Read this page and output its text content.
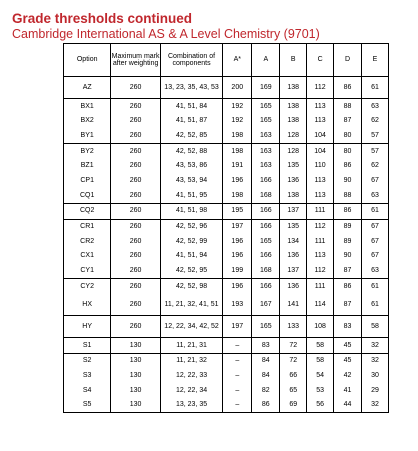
Grade thresholds continued
Cambridge International AS & A Level Chemistry (9701)
Option	Maximum mark after weighting	Combination of components	A*	A	B	C	D	E
AZ	260	13, 23, 35, 43, 53	200	169	138	112	86	61
BX1	260	41, 51, 84	192	165	138	113	88	63
BX2	260	41, 51, 87	192	165	138	113	87	62
BY1	260	42, 52, 85	198	163	128	104	80	57
BY2	260	42, 52, 88	198	163	128	104	80	57
BZ1	260	43, 53, 86	191	163	135	110	86	62
CP1	260	43, 53, 94	196	166	136	113	90	67
CQ1	260	41, 51, 95	198	168	138	113	88	63
CQ2	260	41, 51, 98	195	166	137	111	86	61
CR1	260	42, 52, 96	197	166	135	112	89	67
CR2	260	42, 52, 99	196	165	134	111	89	67
CX1	260	41, 51, 94	196	166	136	113	90	67
CY1	260	42, 52, 95	199	168	137	112	87	63
CY2	260	42, 52, 98	196	166	136	111	86	61
HX	260	11, 21, 32, 41, 51	193	167	141	114	87	61
HY	260	12, 22, 34, 42, 52	197	165	133	108	83	58
S1	130	11, 21, 31	–	83	72	58	45	32
S2	130	11, 21, 32	–	84	72	58	45	32
S3	130	12, 22, 33	–	84	66	54	42	30
S4	130	12, 22, 34	–	82	65	53	41	29
S5	130	13, 23, 35	–	86	69	56	44	32
